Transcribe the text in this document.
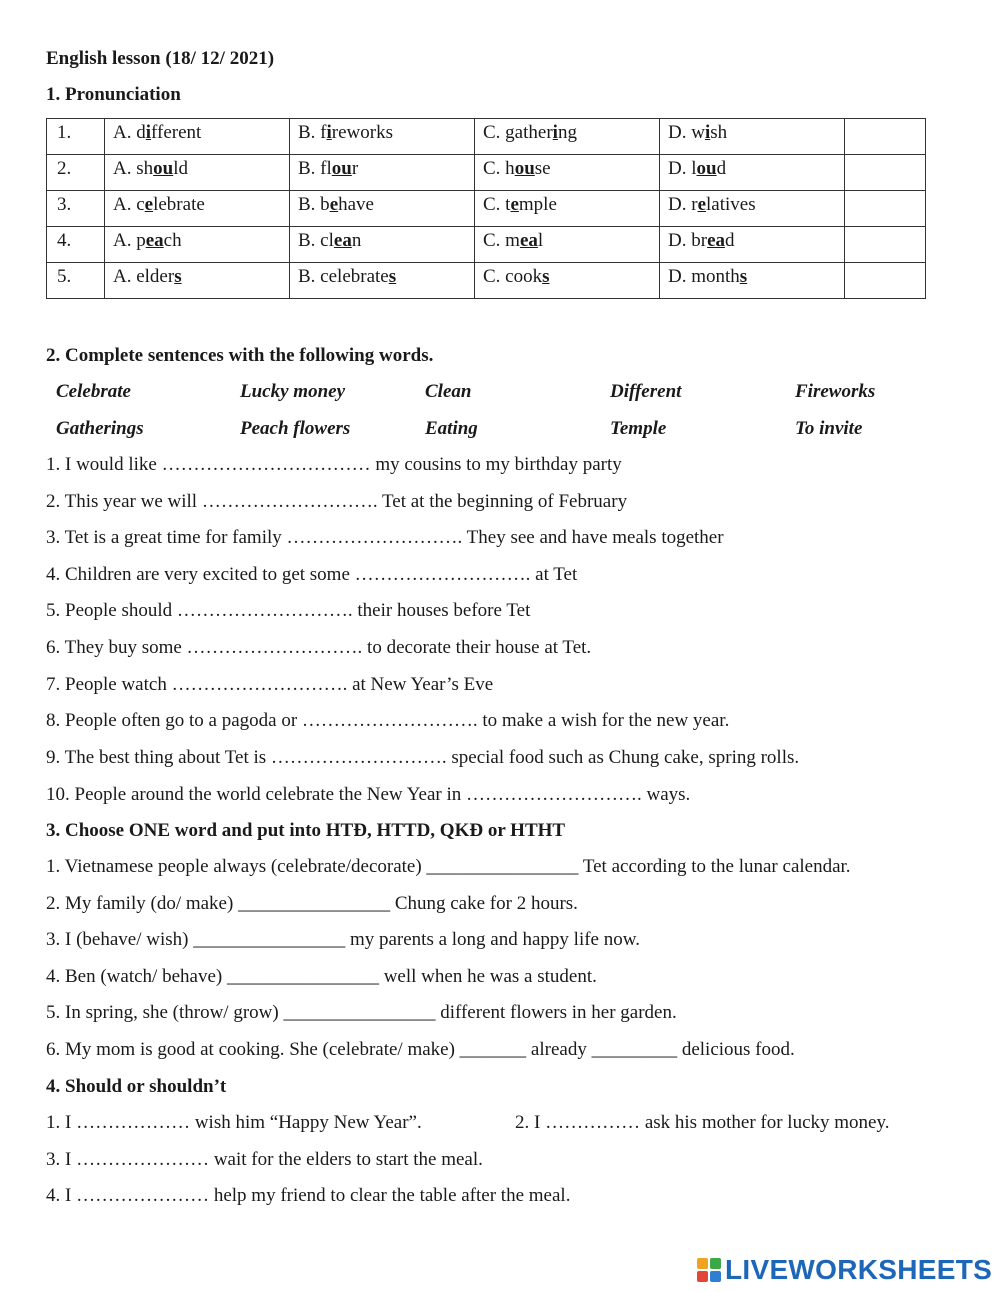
English lesson (18/ 12/ 2021)
1. Pronunciation
1.	A. different	B. fireworks	C. gathering	D. wish	
2.	A. should	B. flour	C. house	D. loud	
3.	A. celebrate	B. behave	C. temple	D. relatives	
4.	A. peach	B. clean	C. meal	D. bread	
5.	A. elders	B. celebrates	C. cooks	D. months	
2. Complete sentences with the following words.
Celebrate	Lucky money	Clean	Different	Fireworks
Gatherings	Peach flowers	Eating	Temple	To invite
1. I would like …………………………… my cousins to my birthday party
2. This year we will ………………………. Tet at the beginning of February
3. Tet is a great time for family ………………………. They see and have meals together
4. Children are very excited to get some ………………………. at Tet
5. People should ………………………. their houses before Tet
6. They buy some ………………………. to decorate their house at Tet.
7. People watch ………………………. at New Year’s Eve
8. People often go to a pagoda or ………………………. to make a wish for the new year.
9. The best thing about Tet is ………………………. special food such as Chung cake, spring rolls.
10. People around the world celebrate the New Year in ………………………. ways.
3. Choose ONE word and put into HTĐ, HTTD, QKĐ or HTHT
1. Vietnamese people always (celebrate/decorate) ________________ Tet according to the lunar calendar.
2. My family (do/ make) ________________ Chung cake for 2 hours.
3. I (behave/ wish) ________________ my parents a long and happy life now.
4. Ben (watch/ behave) ________________ well when he was a student.
5. In spring, she (throw/ grow) ________________ different flowers in her garden.
6. My mom is good at cooking. She (celebrate/ make) _______ already _________ delicious food.
4. Should or shouldn’t
1. I ……………… wish him “Happy New Year”.	2. I …………… ask his mother for lucky money.
3. I ………………… wait for the elders to start the meal.
4. I ………………… help my friend to clear the table after the meal.
LIVEWORKSHEETS
